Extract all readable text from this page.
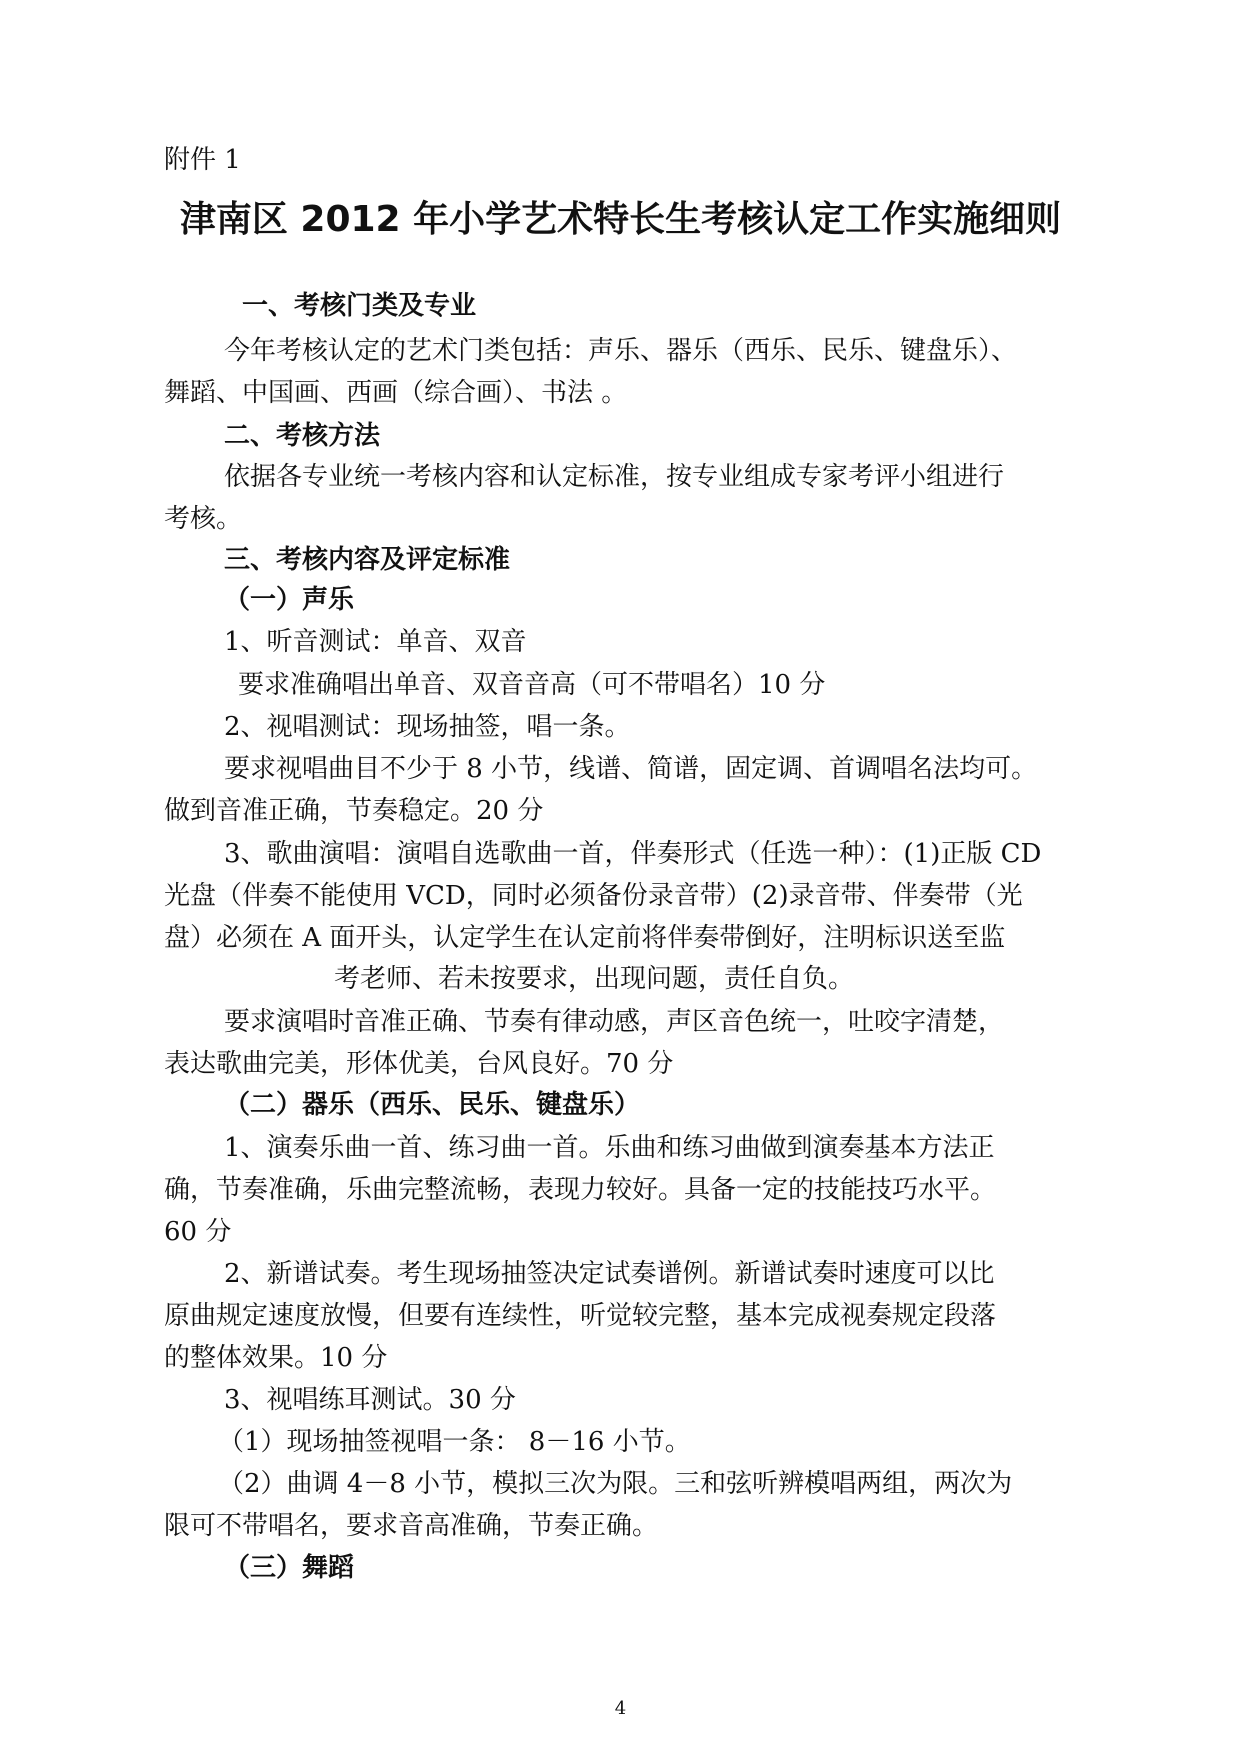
附件 1
津南区 2012 年小学艺术特长生考核认定工作实施细则
一、考核门类及专业
今年考核认定的艺术门类包括：声乐、器乐（西乐、民乐、键盘乐）、
舞蹈、中国画、西画（综合画）、书法 。
二、考核方法
依据各专业统一考核内容和认定标准，按专业组成专家考评小组进行
考核。
三、考核内容及评定标准
（一）声乐
1、听音测试：单音、双音
要求准确唱出单音、双音音高（可不带唱名）10 分
2、视唱测试：现场抽签，唱一条。
要求视唱曲目不少于 8 小节，线谱、简谱，固定调、首调唱名法均可。
做到音准正确，节奏稳定。20 分
3、歌曲演唱：演唱自选歌曲一首，伴奏形式（任选一种）：(1)正版 CD
光盘（伴奏不能使用 VCD，同时必须备份录音带）(2)录音带、伴奏带（光
盘）必须在 A 面开头，认定学生在认定前将伴奏带倒好，注明标识送至监
考老师、若未按要求，出现问题，责任自负。
要求演唱时音准正确、节奏有律动感，声区音色统一，吐咬字清楚，
表达歌曲完美，形体优美，台风良好。70 分
（二）器乐（西乐、民乐、键盘乐）
1、演奏乐曲一首、练习曲一首。乐曲和练习曲做到演奏基本方法正
确，节奏准确，乐曲完整流畅，表现力较好。具备一定的技能技巧水平。
60 分
2、新谱试奏。考生现场抽签决定试奏谱例。新谱试奏时速度可以比
原曲规定速度放慢，但要有连续性，听觉较完整，基本完成视奏规定段落
的整体效果。10 分
3、视唱练耳测试。30 分
（1）现场抽签视唱一条： 8－16 小节。
（2）曲调 4－8 小节，模拟三次为限。三和弦听辨模唱两组，两次为
限可不带唱名，要求音高准确，节奏正确。
（三）舞蹈
4
